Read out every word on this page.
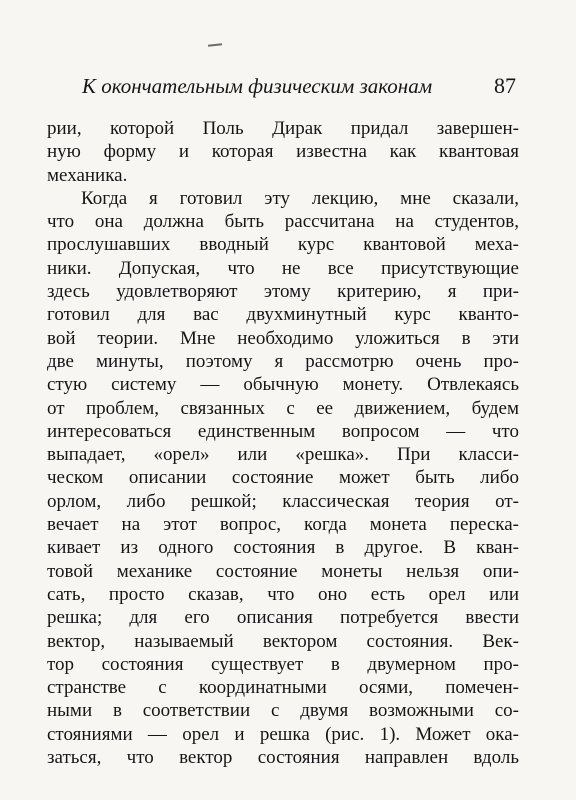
К окончательным физическим законам	87
рии, которой Поль Дирак придал завершен-
ную форму и которая известна как квантовая
механика.
Когда я готовил эту лекцию, мне сказали,
что она должна быть рассчитана на студентов,
прослушавших вводный курс квантовой меха-
ники. Допуская, что не все присутствующие
здесь удовлетворяют этому критерию, я при-
готовил для вас двухминутный курс кванто-
вой теории. Мне необходимо уложиться в эти
две минуты, поэтому я рассмотрю очень про-
стую систему — обычную монету. Отвлекаясь
от проблем, связанных с ее движением, будем
интересоваться единственным вопросом — что
выпадает, «орел» или «решка». При класси-
ческом описании состояние может быть либо
орлом, либо решкой; классическая теория от-
вечает на этот вопрос, когда монета переска-
кивает из одного состояния в другое. В кван-
товой механике состояние монеты нельзя опи-
сать, просто сказав, что оно есть орел или
решка; для его описания потребуется ввести
вектор, называемый вектором состояния. Век-
тор состояния существует в двумерном про-
странстве с координатными осями, помечен-
ными в соответствии с двумя возможными со-
стояниями — орел и решка (рис. 1). Может ока-
заться, что вектор состояния направлен вдоль
